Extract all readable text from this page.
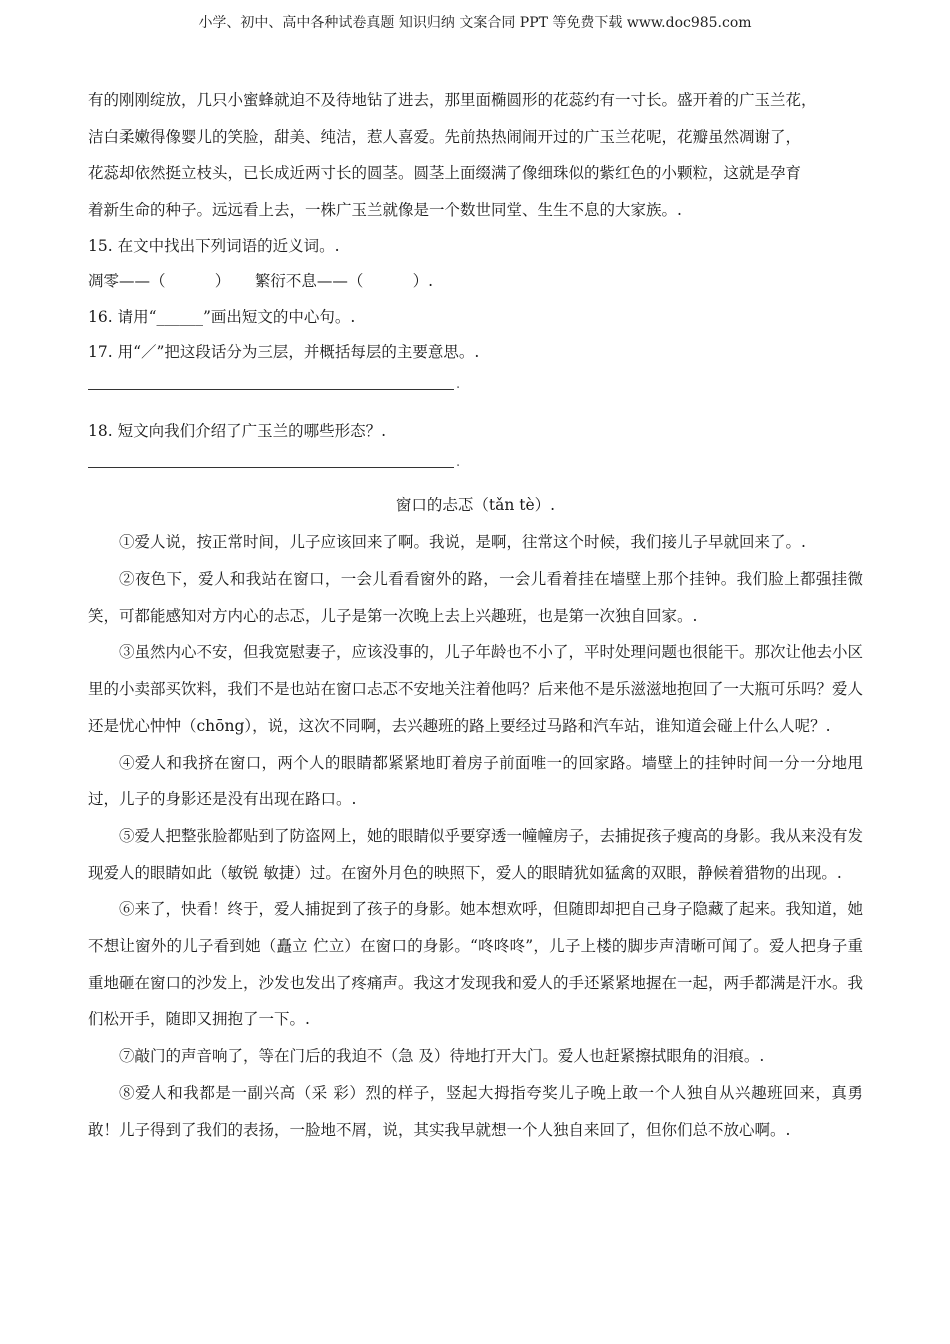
小学、初中、高中各种试卷真题 知识归纳 文案合同 PPT 等免费下载 www.doc985.com

有的刚刚绽放，几只小蜜蜂就迫不及待地钻了进去，那里面椭圆形的花蕊约有一寸长。盛开着的广玉兰花，

洁白柔嫩得像婴儿的笑脸，甜美、纯洁，惹人喜爱。先前热热闹闹开过的广玉兰花呢，花瓣虽然凋谢了，

花蕊却依然挺立枝头，已长成近两寸长的圆茎。圆茎上面缀满了像细珠似的紫红色的小颗粒，这就是孕育

着新生命的种子。远远看上去，一株广玉兰就像是一个数世同堂、生生不息的大家族。.

15. 在文中找出下列词语的近义词。.

凋零——（          ）     繁衍不息——（          ）.

16. 请用“______”画出短文的中心句。.

17. 用“／”把这段话分为三层，并概括每层的主要意思。.

.

18. 短文向我们介绍了广玉兰的哪些形态？.

.

窗口的忐忑（tǎn tè）.

①爱人说，按正常时间，儿子应该回来了啊。我说，是啊，往常这个时候，我们接儿子早就回来了。.

②夜色下，爱人和我站在窗口，一会儿看看窗外的路，一会儿看着挂在墙壁上那个挂钟。我们脸上都强挂微笑，可都能感知对方内心的忐忑，儿子是第一次晚上去上兴趣班，也是第一次独自回家。.

③虽然内心不安，但我宽慰妻子，应该没事的，儿子年龄也不小了，平时处理问题也很能干。那次让他去小区里的小卖部买饮料，我们不是也站在窗口忐忑不安地关注着他吗？后来他不是乐滋滋地抱回了一大瓶可乐吗？爱人还是忧心忡忡（chōng），说，这次不同啊，去兴趣班的路上要经过马路和汽车站，谁知道会碰上什么人呢？.

④爱人和我挤在窗口，两个人的眼睛都紧紧地盯着房子前面唯一的回家路。墙壁上的挂钟时间一分一分地甩过，儿子的身影还是没有出现在路口。.

⑤爱人把整张脸都贴到了防盗网上，她的眼睛似乎要穿透一幢幢房子，去捕捉孩子瘦高的身影。我从来没有发现爱人的眼睛如此（敏锐 敏捷）过。在窗外月色的映照下，爱人的眼睛犹如猛禽的双眼，静候着猎物的出现。.

⑥来了，快看！终于，爱人捕捉到了孩子的身影。她本想欢呼，但随即却把自己身子隐藏了起来。我知道，她不想让窗外的儿子看到她（矗立 伫立）在窗口的身影。“咚咚咚”，儿子上楼的脚步声清晰可闻了。爱人把身子重重地砸在窗口的沙发上，沙发也发出了疼痛声。我这才发现我和爱人的手还紧紧地握在一起，两手都满是汗水。我们松开手，随即又拥抱了一下。.

⑦敲门的声音响了，等在门后的我迫不（急 及）待地打开大门。爱人也赶紧擦拭眼角的泪痕。.

⑧爱人和我都是一副兴高（采 彩）烈的样子，竖起大拇指夸奖儿子晚上敢一个人独自从兴趣班回来，真勇敢！儿子得到了我们的表扬，一脸地不屑，说，其实我早就想一个人独自来回了，但你们总不放心啊。.
